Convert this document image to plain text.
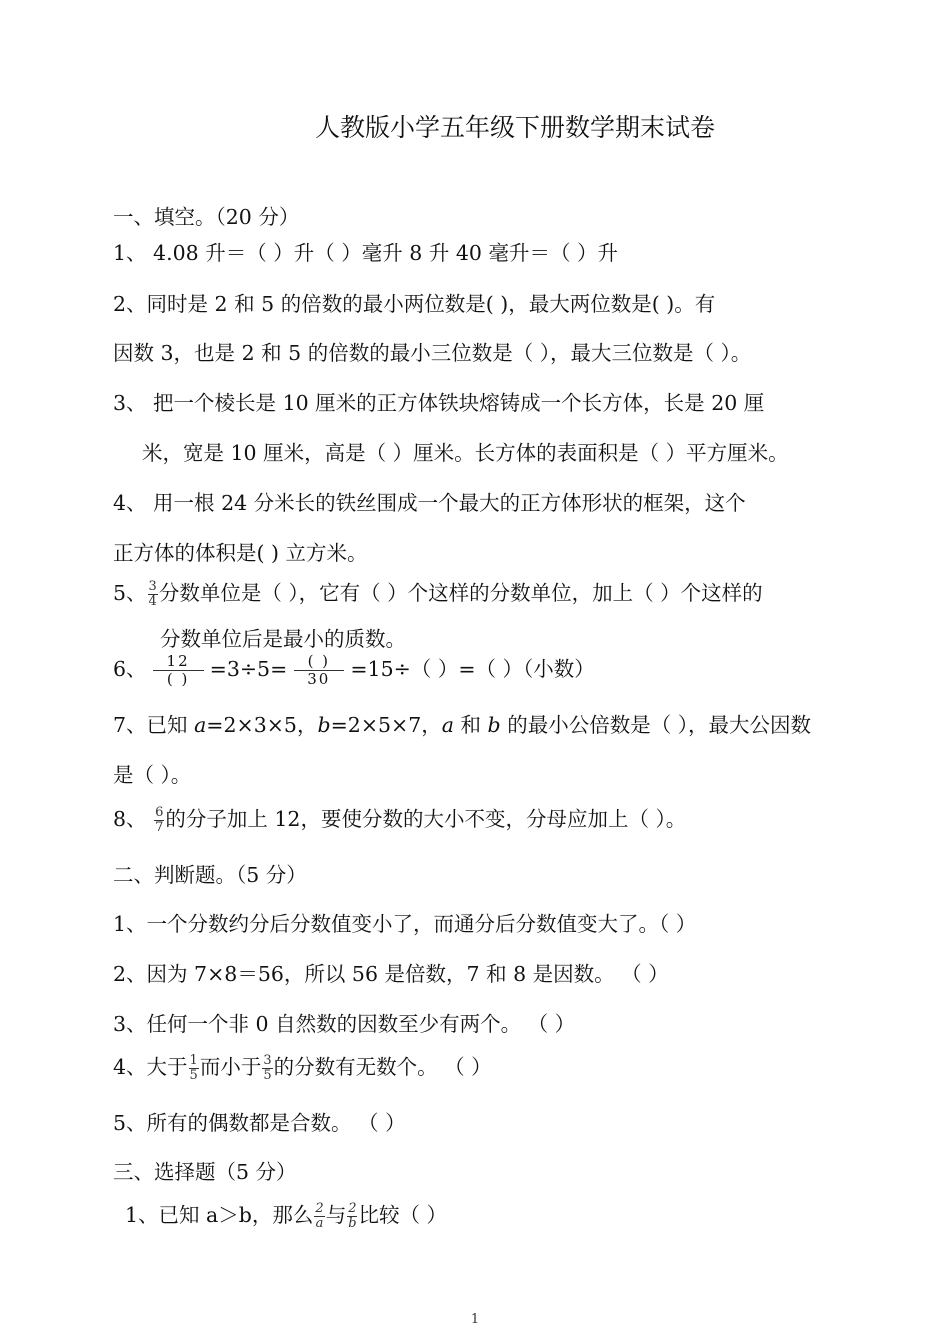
人教版小学五年级下册数学期末试卷
一、填空。（20 分）
1、 4.08 升＝（ ）升（ ）毫升 8 升 40 毫升＝（ ）升
2、同时是 2 和 5 的倍数的最小两位数是( )，最大两位数是( )。有
因数 3，也是 2 和 5 的倍数的最小三位数是（ ），最大三位数是（ ）。
3、 把一个棱长是 10 厘米的正方体铁块熔铸成一个长方体，长是 20 厘
米，宽是 10 厘米，高是（ ）厘米。长方体的表面积是（ ）平方厘米。
4、 用一根 24 分米长的铁丝围成一个最大的正方体形状的框架，这个
正方体的体积是( ) 立方米。
5、 $\frac{3}{4}$ 分数单位是（ ），它有（ ）个这样的分数单位，加上（ ）个这样的
分数单位后是最小的质数。
6、 $\frac{12}{( )} =3\div 5= \frac{( )}{30} =15\div$（ ）=（ ）（小数）
7、已知 a=2×3×5，b=2×5×7，a 和 b 的最小公倍数是（ ），最大公因数
是（ ）。
8、 $\frac{6}{7}$ 的分子加上 12，要使分数的大小不变，分母应加上（ ）。
二、判断题。（5 分）
1、一个分数约分后分数值变小了，而通分后分数值变大了。（ ）
2、因为 7×8＝56，所以 56 是倍数，7 和 8 是因数。 （ ）
3、任何一个非 0 自然数的因数至少有两个。 （ ）
4、大于 $\frac{1}{5}$ 而小于 $\frac{3}{5}$ 的分数有无数个。 （ ）
5、所有的偶数都是合数。 （ ）
三、选择题（5 分）
1、已知 a＞b，那么 $\frac{2}{a}$ 与 $\frac{2}{b}$ 比较（ ）
1
